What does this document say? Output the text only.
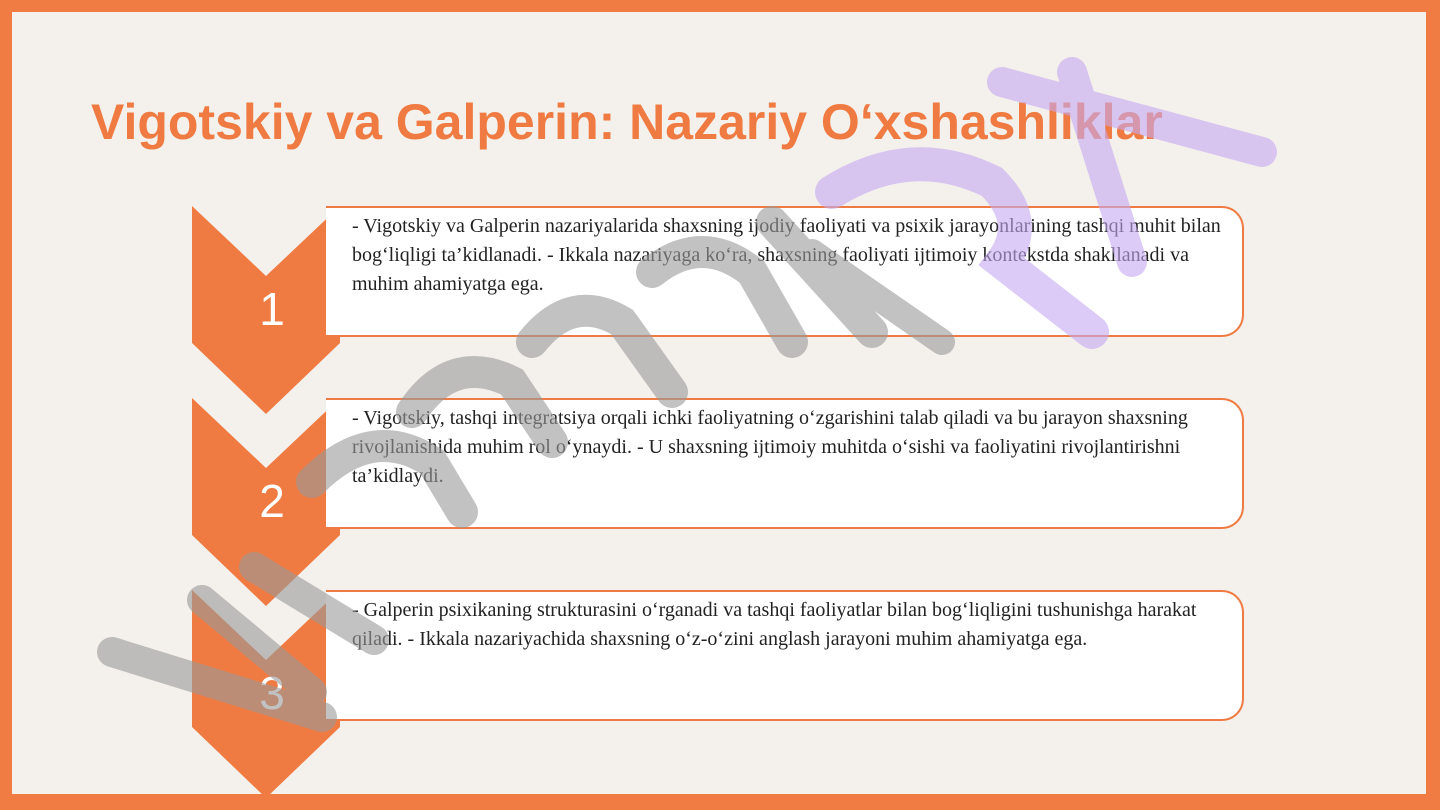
Vigotskiy va Galperin: Nazariy O‘xshashliklar

- Vigotskiy va Galperin nazariyalarida shaxsning ijodiy faoliyati va psixik jarayonlarining tashqi muhit bilan bog‘liqligi ta’kidlanadi. - Ikkala nazariyaga ko‘ra, shaxsning faoliyati ijtimoiy kontekstda shakllanadi va muhim ahamiyatga ega.

- Vigotskiy, tashqi integratsiya orqali ichki faoliyatning o‘zgarishini talab qiladi va bu jarayon shaxsning rivojlanishida muhim rol o‘ynaydi. - U shaxsning ijtimoiy muhitda o‘sishi va faoliyatini rivojlantirishni ta’kidlaydi.

- Galperin psixikaning strukturasini o‘rganadi va tashqi faoliyatlar bilan bog‘liqligini tushunishga harakat qiladi. - Ikkala nazariyachida shaxsning o‘z-o‘zini anglash jarayoni muhim ahamiyatga ega.

1
2
3
